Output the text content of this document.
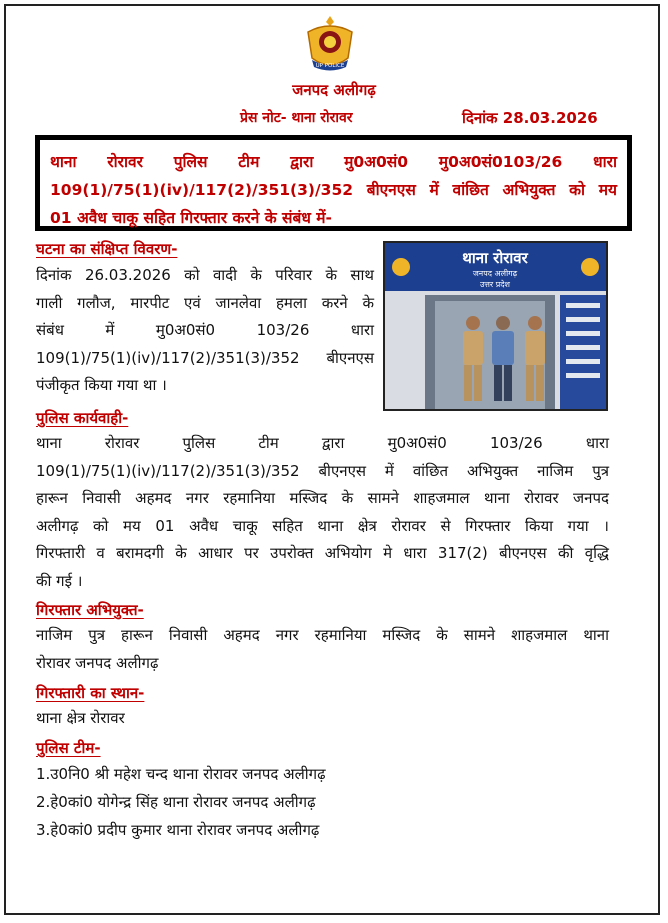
UP POLICE
जनपद अलीगढ़
प्रेस नोट- थाना रोरावर	दिनांक 28.03.2026
थाना रोरावर पुलिस टीम द्वारा मु0अ0सं0 मु0अ0सं0103/26 धारा
109(1)/75(1)(iv)/117(2)/351(3)/352 बीएनएस में वांछित अभियुक्त को मय
01 अवैध चाकू सहित गिरफ्तार करने के संबंध में-
घटना का संक्षिप्त विवरण-
दिनांक 26.03.2026 को वादी के परिवार के साथ
गाली गलौज, मारपीट एवं जानलेवा हमला करने के
संबंध में मु0अ0सं0 103/26 धारा
109(1)/75(1)(iv)/117(2)/351(3)/352 बीएनएस
पंजीकृत किया गया था ।
थाना रोरावर
जनपद अलीगढ़
उत्तर प्रदेश
पुलिस कार्यवाही-
थाना रोरावर पुलिस टीम द्वारा मु0अ0सं0 103/26 धारा
109(1)/75(1)(iv)/117(2)/351(3)/352 बीएनएस में वांछित अभियुक्त नाजिम पुत्र
हारून निवासी अहमद नगर रहमानिया मस्जिद के सामने शाहजमाल थाना रोरावर जनपद
अलीगढ़ को मय 01 अवैध चाकू सहित थाना क्षेत्र रोरावर से गिरफ्तार किया गया ।
गिरफ्तारी व बरामदगी के आधार पर उपरोक्त अभियोग मे धारा 317(2) बीएनएस की वृद्धि
की गई ।
गिरफ्तार अभियुक्त-
नाजिम पुत्र हारून निवासी अहमद नगर रहमानिया मस्जिद के सामने शाहजमाल थाना
रोरावर जनपद अलीगढ़
गिरफ्तारी का स्थान-
थाना क्षेत्र रोरावर
पुलिस टीम-
1.उ0नि0 श्री महेश चन्द थाना रोरावर जनपद अलीगढ़
2.हे0कां0 योगेन्द्र सिंह थाना रोरावर जनपद अलीगढ़
3.हे0कां0 प्रदीप कुमार थाना रोरावर जनपद अलीगढ़
